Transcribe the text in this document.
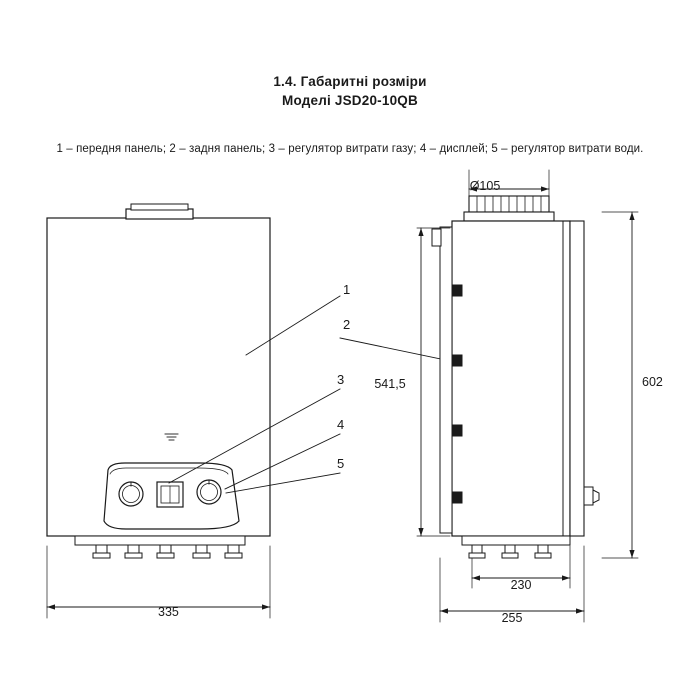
1.4. Габаритні розміри
Моделі JSD20-10QB
1 – передня панель; 2 – задня панель; 3 – регулятор витрати газу; 4 – дисплей; 5 – регулятор витрати води.
1
2
3
4
5
335
Ø105
541,5	602
230
255
